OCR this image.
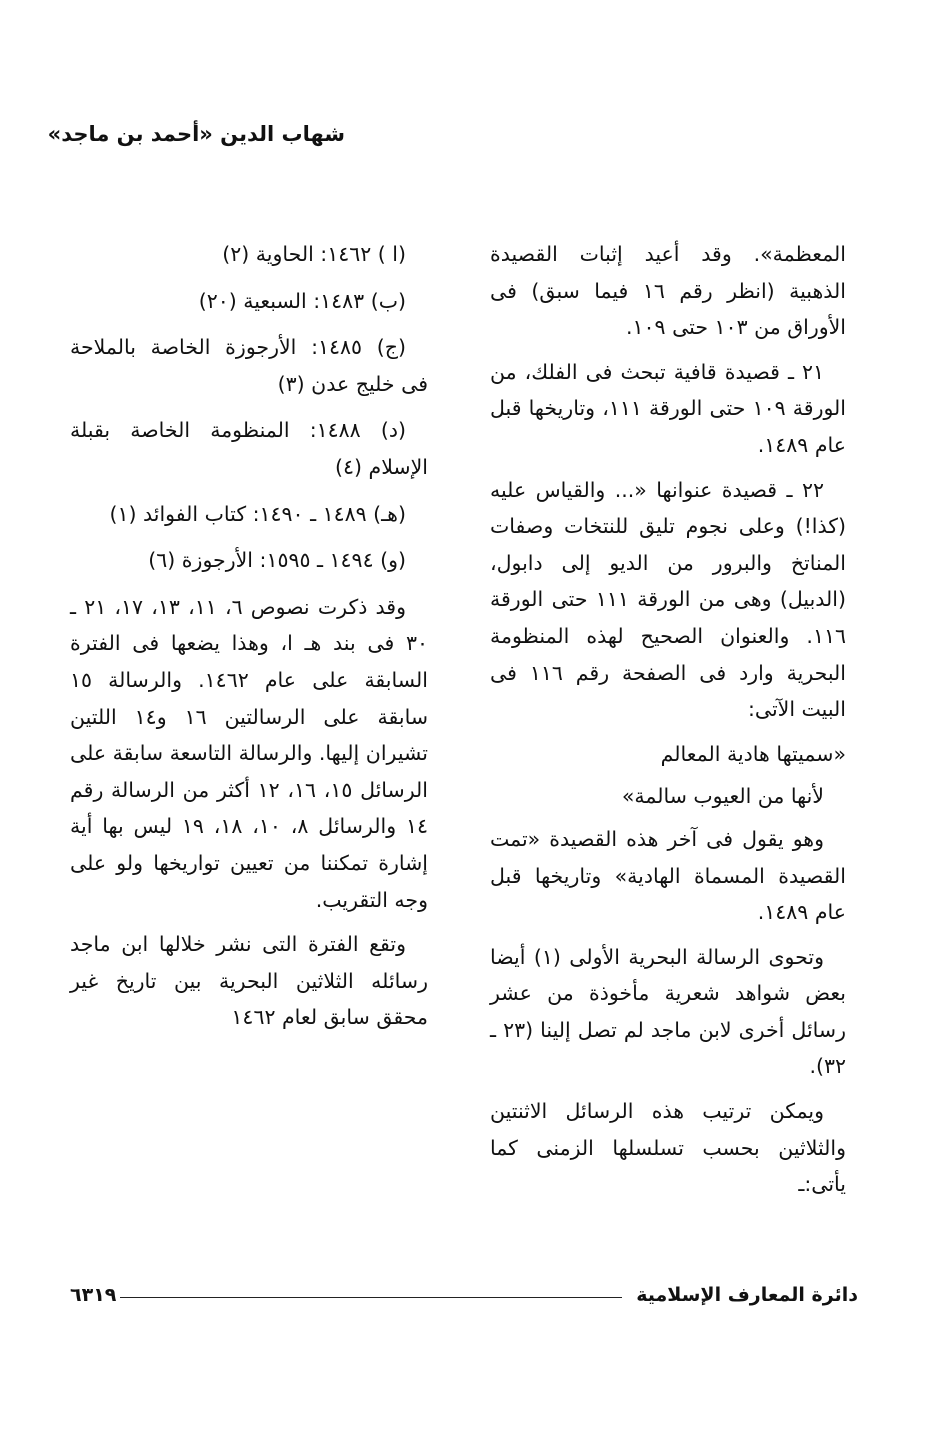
شهاب الدين «أحمد بن ماجد»

المعظمة». وقد أعيد إثبات القصيدة الذهبية (انظر رقم ١٦ فيما سبق) فى الأوراق من ١٠٣ حتى ١٠٩.

٢١ ـ قصيدة قافية تبحث فى الفلك، من الورقة ١٠٩ حتى الورقة ١١١، وتاريخها قبل عام ١٤٨٩.

٢٢ ـ قصيدة عنوانها «... والقياس عليه (كذا!) وعلى نجوم تليق للنتخات وصفات المناتخ والبرور من الديو إلى دابول، (الدبيل) وهى من الورقة ١١١ حتى الورقة ١١٦. والعنوان الصحيح لهذه المنظومة البحرية وارد فى الصفحة رقم ١١٦ فى البيت الآتى:

«سميتها هادية المعالم

لأنها من العيوب سالمة»

وهو يقول فى آخر هذه القصيدة «تمت القصيدة المسماة الهادية» وتاريخها قبل عام ١٤٨٩.

وتحوى الرسالة البحرية الأولى (١) أيضا بعض شواهد شعرية مأخوذة من عشر رسائل أخرى لابن ماجد لم تصل إلينا (٢٣ ـ ٣٢).

ويمكن ترتيب هذه الرسائل الاثنتين والثلاثين بحسب تسلسلها الزمنى كما يأتى:ـ

(ا ) ١٤٦٢: الحاوية (٢)

(ب) ١٤٨٣: السبعية (٢٠)

(ج) ١٤٨٥: الأرجوزة الخاصة بالملاحة فى خليج عدن (٣)

(د) ١٤٨٨: المنظومة الخاصة بقبلة الإسلام (٤)

(هـ) ١٤٨٩ ـ ١٤٩٠: كتاب الفوائد (١)

(و) ١٤٩٤ ـ ١٥٩٥: الأرجوزة (٦)

وقد ذكرت نصوص ٦، ١١، ١٣، ١٧، ٢١ ـ ٣٠ فى بند هـ ا، وهذا يضعها فى الفترة السابقة على عام ١٤٦٢. والرسالة ١٥ سابقة على الرسالتين ١٦ و١٤ اللتين تشيران إليها. والرسالة التاسعة سابقة على الرسائل ١٥، ١٦، ١٢ أكثر من الرسالة رقم ١٤ والرسائل ٨، ١٠، ١٨، ١٩ ليس بها أية إشارة تمكننا من تعيين تواريخها ولو على وجه التقريب.

وتقع الفترة التى نشر خلالها ابن ماجد رسائله الثلاثين البحرية بين تاريخ غير محقق سابق لعام ١٤٦٢

دائرة المعارف الإسلامية
٦٣١٩
